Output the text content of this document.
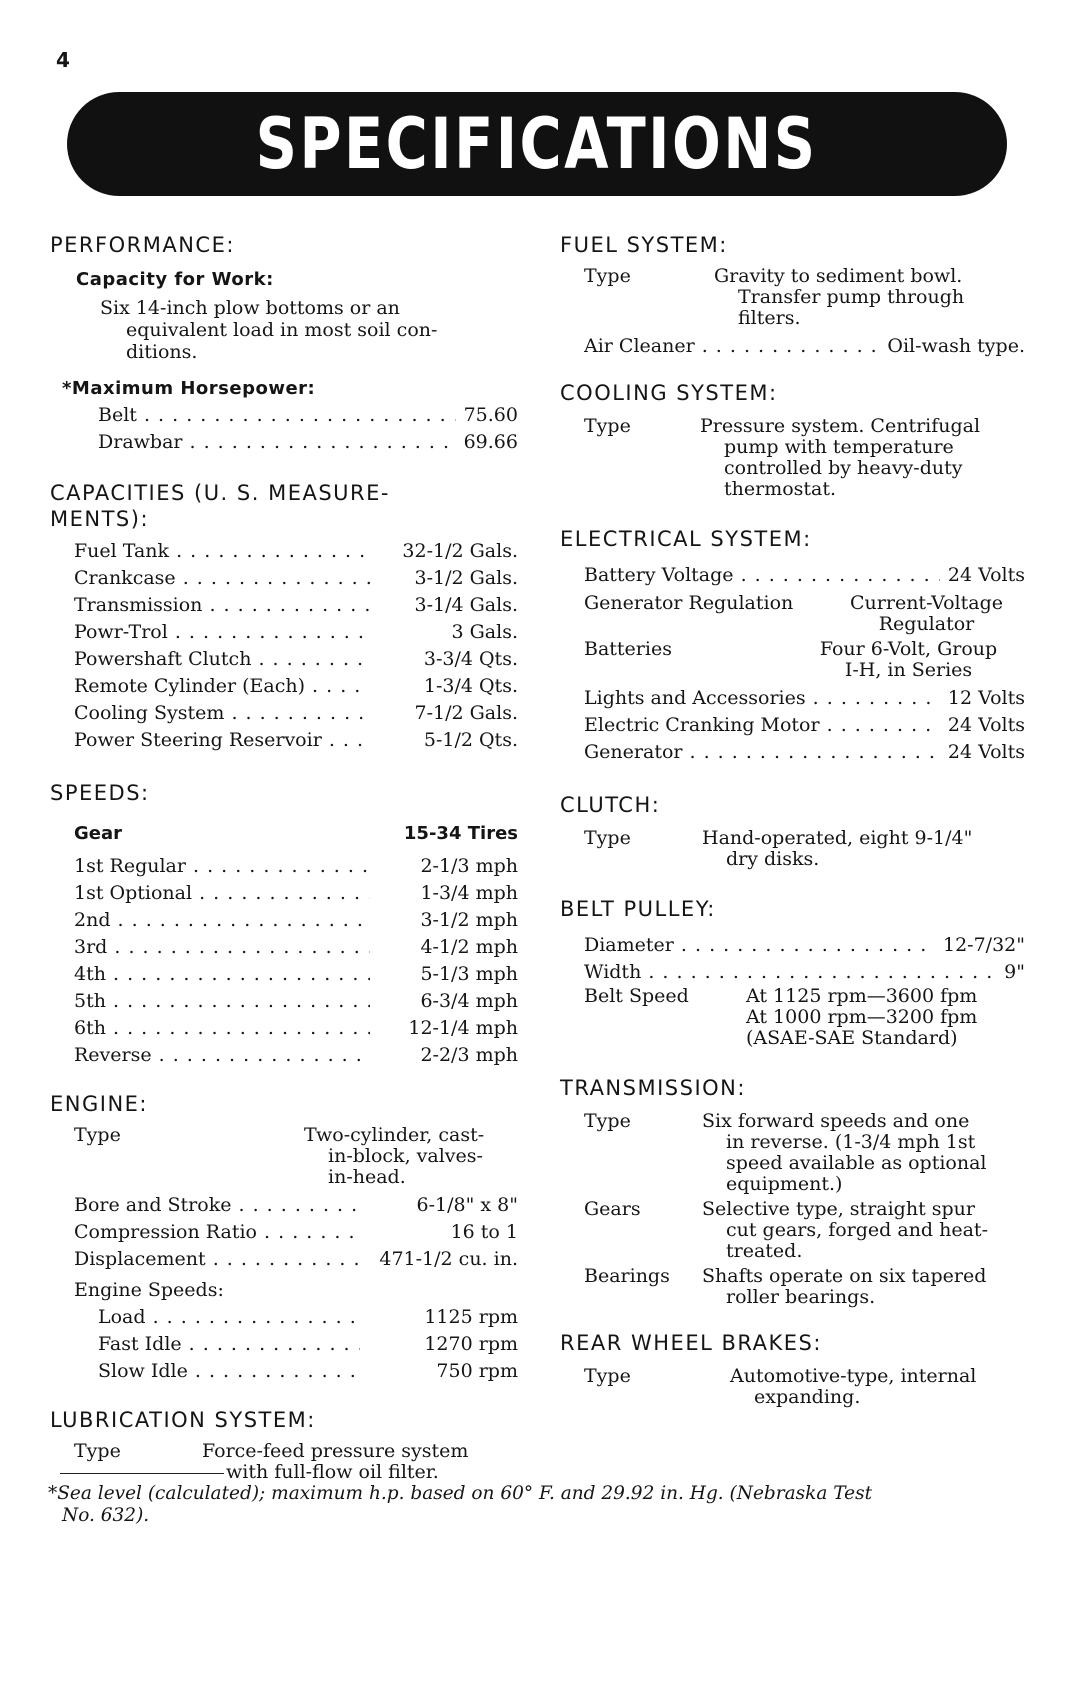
4
SPECIFICATIONS
PERFORMANCE:
Capacity for Work:
Six 14-inch plow bottoms or an
equivalent load in most soil con-
ditions.
*Maximum Horsepower:
Belt . . .	75.60
Drawbar . . .	69.66
CAPACITIES (U. S. MEASURE-
MENTS):
Fuel Tank . . .	32-1/2 Gals.
Crankcase . . .	3-1/2 Gals.
Transmission . . .	3-1/4 Gals.
Powr-Trol . . .	3 Gals.
Powershaft Clutch . . .	3-3/4 Qts.
Remote Cylinder (Each) . . .	1-3/4 Qts.
Cooling System . . .	7-1/2 Gals.
Power Steering Reservoir . . .	5-1/2 Qts.
SPEEDS:
Gear	15-34 Tires
1st Regular . . .	2-1/3 mph
1st Optional . . .	1-3/4 mph
2nd . . .	3-1/2 mph
3rd . . .	4-1/2 mph
4th . . .	5-1/3 mph
5th . . .	6-3/4 mph
6th . . .	12-1/4 mph
Reverse . . .	2-2/3 mph
ENGINE:
Type	Two-cylinder, cast-
in-block, valves-
in-head.
Bore and Stroke . . .	6-1/8" x 8"
Compression Ratio . . .	16 to 1
Displacement . . .	471-1/2 cu. in.
Engine Speeds:
Load . . .	1125 rpm
Fast Idle . . .	1270 rpm
Slow Idle . . .	750 rpm
LUBRICATION SYSTEM:
Type	Force-feed pressure system
with full-flow oil filter.
FUEL SYSTEM:
Type	Gravity to sediment bowl.
Transfer pump through
filters.
Air Cleaner . . .	Oil-wash type.
COOLING SYSTEM:
Type	Pressure system. Centrifugal
pump with temperature
controlled by heavy-duty
thermostat.
ELECTRICAL SYSTEM:
Battery Voltage . . .	24 Volts
Generator Regulation	Current-Voltage
Regulator
Batteries	Four 6-Volt, Group
I-H, in Series
Lights and Accessories . . .	12 Volts
Electric Cranking Motor . . .	24 Volts
Generator . . .	24 Volts
CLUTCH:
Type	Hand-operated, eight 9-1/4"
dry disks.
BELT PULLEY:
Diameter . . .	12-7/32"
Width . . .	9"
Belt Speed	At 1125 rpm—3600 fpm
At 1000 rpm—3200 fpm
(ASAE-SAE Standard)
TRANSMISSION:
Type	Six forward speeds and one
in reverse. (1-3/4 mph 1st
speed available as optional
equipment.)
Gears	Selective type, straight spur
cut gears, forged and heat-
treated.
Bearings	Shafts operate on six tapered
roller bearings.
REAR WHEEL BRAKES:
Type	Automotive-type, internal
expanding.
*Sea level (calculated); maximum h.p. based on 60° F. and 29.92 in. Hg. (Nebraska Test
No. 632).
